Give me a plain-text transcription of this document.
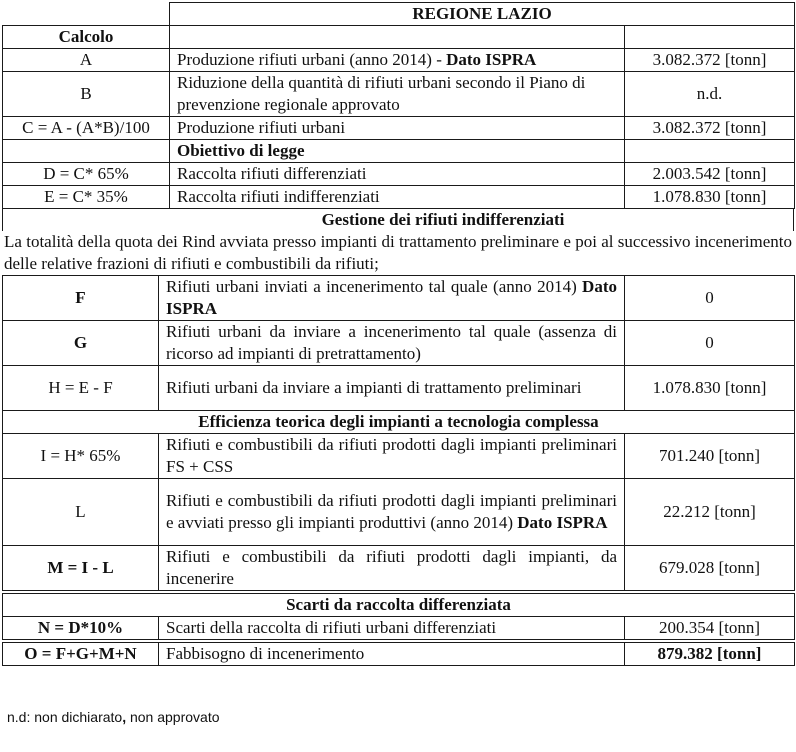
	REGIONE LAZIO	
Calcolo		
A	Produzione rifiuti urbani (anno 2014) - Dato ISPRA	3.082.372 [tonn]
B	Riduzione della quantità di rifiuti urbani secondo il Piano di prevenzione regionale approvato	n.d.
C = A - (A*B)/100	Produzione rifiuti urbani	3.082.372 [tonn]
	Obiettivo di legge	
D = C* 65%	Raccolta rifiuti differenziati	2.003.542 [tonn]
E = C* 35%	Raccolta rifiuti indifferenziati	1.078.830 [tonn]
Gestione dei rifiuti indifferenziati
La totalità della quota dei Rind avviata presso impianti di trattamento preliminare e poi al successivo incenerimento delle relative frazioni di rifiuti e combustibili da rifiuti;
F	Rifiuti urbani inviati a incenerimento tal quale (anno 2014) Dato ISPRA	0
G	Rifiuti urbani da inviare a incenerimento tal quale (assenza di ricorso ad impianti di pretrattamento)	0
H = E - F	Rifiuti urbani da inviare a impianti di trattamento preliminari	1.078.830 [tonn]
Efficienza teorica degli impianti a tecnologia complessa		
I = H* 65%	Rifiuti e combustibili da rifiuti prodotti dagli impianti preliminari FS + CSS	701.240 [tonn]
L	Rifiuti e combustibili da rifiuti prodotti dagli impianti preliminari e avviati presso gli impianti produttivi (anno 2014) Dato ISPRA	22.212 [tonn]
M = I - L	Rifiuti e combustibili da rifiuti prodotti dagli impianti, da incenerire	679.028 [tonn]
Scarti da raccolta differenziata
N = D*10%	Scarti della raccolta di rifiuti urbani differenziati	200.354 [tonn]
O = F+G+M+N	Fabbisogno di incenerimento	879.382 [tonn]
n.d: non dichiarato, non approvato
